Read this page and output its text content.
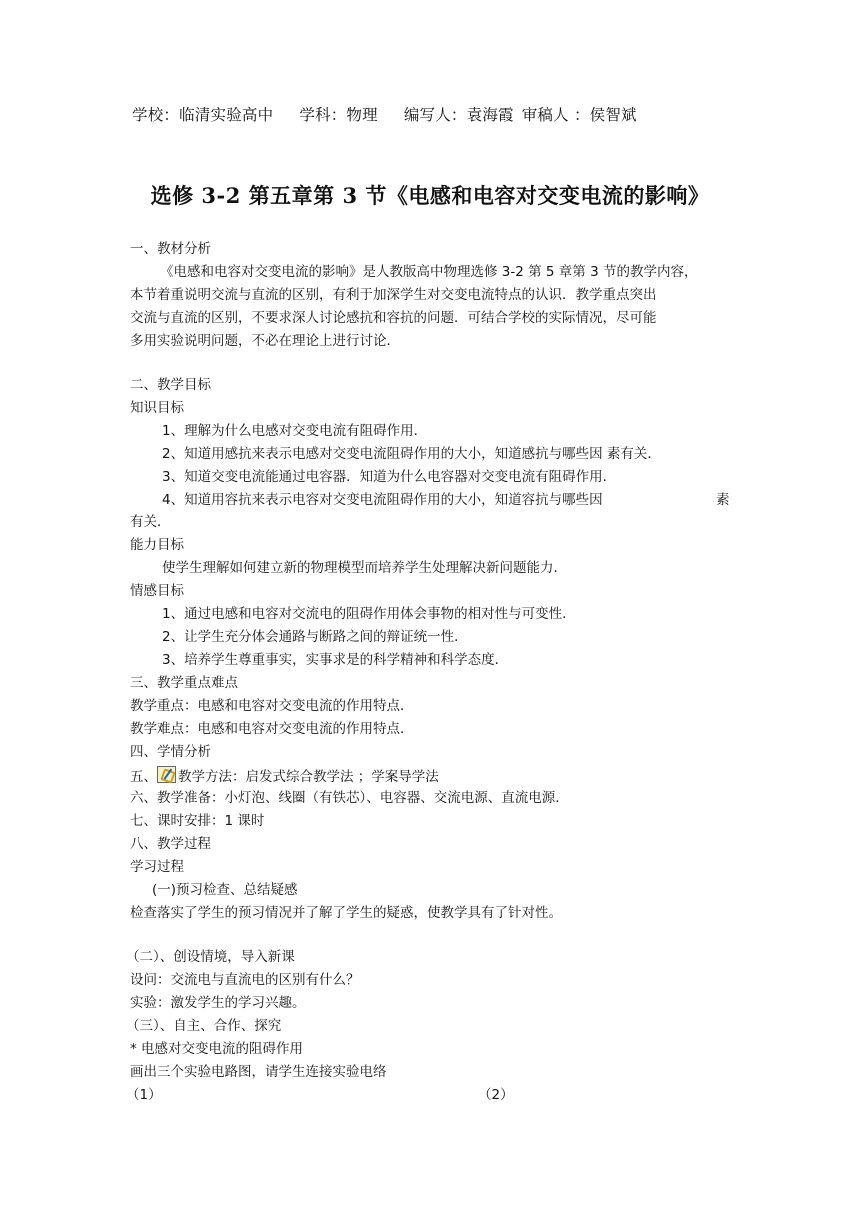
学校：临清实验高中 学科：物理 编写人：袁海霞 审稿人 ：侯智斌
选修 3-2 第五章第 3 节《电感和电容对交变电流的影响》
一、教材分析
《电感和电容对交变电流的影响》是人教版高中物理选修 3-2 第 5 章第 3 节的教学内容，
本节着重说明交流与直流的区别，有利于加深学生对交变电流特点的认识．教学重点突出
交流与直流的区别，不要求深人讨论感抗和容抗的问题．可结合学校的实际情况，尽可能
多用实验说明问题，不必在理论上进行讨论．
二、教学目标
知识目标
1、理解为什么电感对交变电流有阻碍作用．
2、知道用感抗来表示电感对交变电流阻碍作用的大小，知道感抗与哪些因 素有关．
3、知道交变电流能通过电容器．知道为什么电容器对交变电流有阻碍作用．
4、知道用容抗来表示电容对交变电流阻碍作用的大小，知道容抗与哪些因	素
有关．
能力目标
使学生理解如何建立新的物理模型而培养学生处理解决新问题能力．
情感目标
1、通过电感和电容对交流电的阻碍作用体会事物的相对性与可变性．
2、让学生充分体会通路与断路之间的辩证统一性．
3、培养学生尊重事实，实事求是的科学精神和科学态度．
三、教学重点难点
教学重点：电感和电容对交变电流的作用特点．
教学难点：电感和电容对交变电流的作用特点．
四、学情分析
五、 教学方法：启发式综合教学法 ；学案导学法
六、教学准备：小灯泡、线圈（有铁芯）、电容器、交流电源、直流电源．
七、课时安排：1 课时
八、教学过程
学习过程
(一)预习检查、总结疑感
检查落实了学生的预习情况并了解了学生的疑惑，使教学具有了针对性。
（二）、创设情境，导入新课
设问：交流电与直流电的区别有什么？
实验：激发学生的学习兴趣。
（三）、自主、合作、探究
* 电感对交变电流的阻碍作用
画出三个实验电路图，请学生连接实验电络
（1）	（2）
